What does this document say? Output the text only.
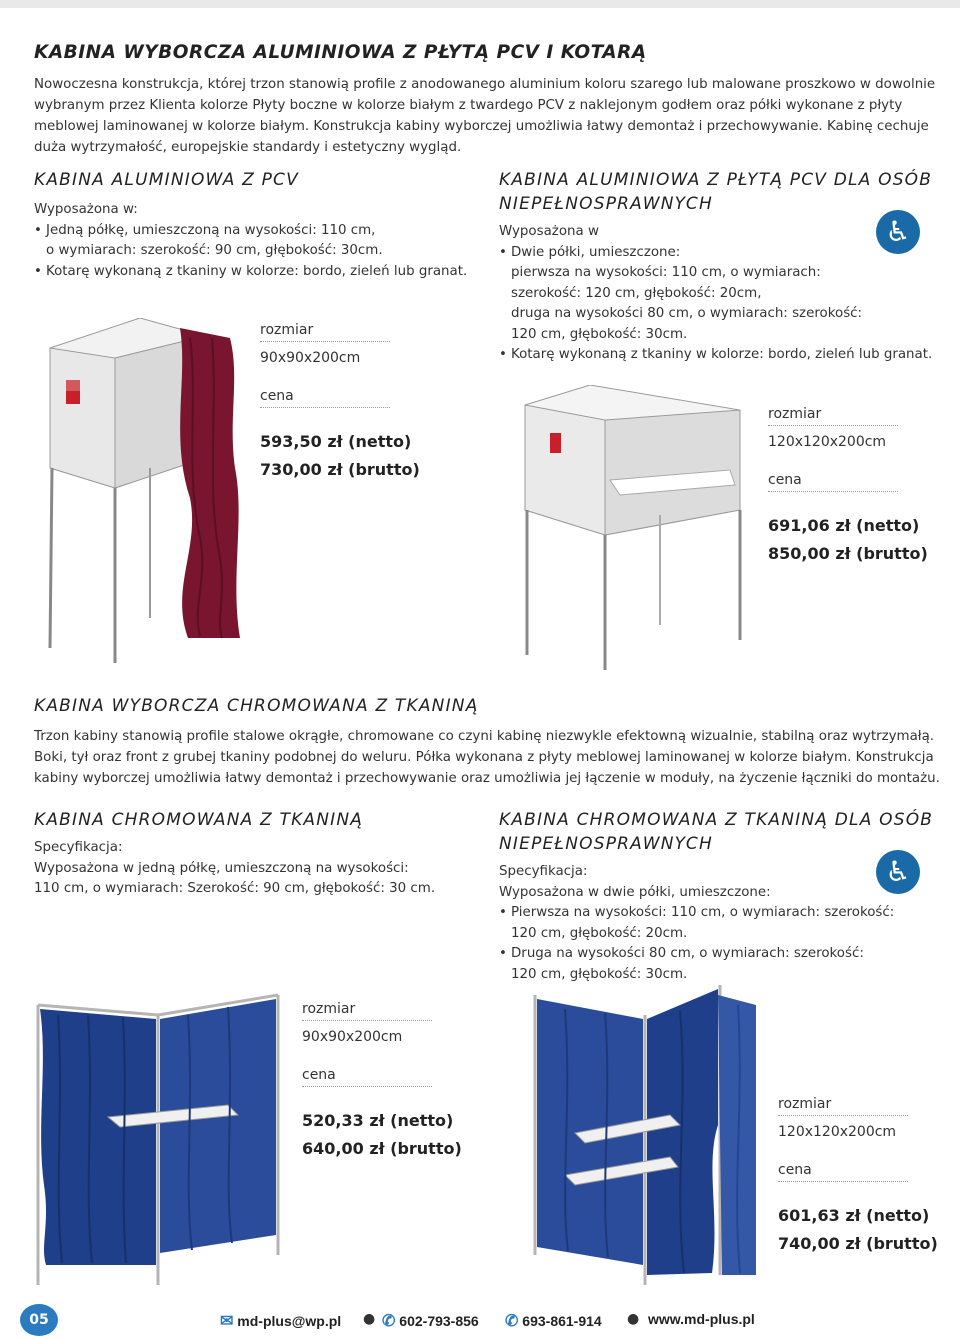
KABINA WYBORCZA ALUMINIOWA Z PŁYTĄ PCV I KOTARĄ
Nowoczesna konstrukcja, której trzon stanowią profile z anodowanego aluminium koloru szarego lub malowane proszkowo w dowolnie
wybranym przez Klienta kolorze Płyty boczne w kolorze białym z twardego PCV z naklejonym godłem oraz półki wykonane z płyty
meblowej laminowanej w kolorze białym. Konstrukcja kabiny wyborczej umożliwia łatwy demontaż i przechowywanie. Kabinę cechuje
duża wytrzymałość, europejskie standardy i estetyczny wygląd.
KABINA ALUMINIOWA Z PCV
Wyposażona w:
• Jedną półkę, umieszczoną na wysokości: 110 cm,
o wymiarach: szerokość: 90 cm, głębokość: 30cm.
• Kotarę wykonaną z tkaniny w kolorze: bordo, zieleń lub granat.
rozmiar
90x90x200cm
cena
593,50 zł (netto)
730,00 zł (brutto)
KABINA ALUMINIOWA Z PŁYTĄ PCV DLA OSÓB
NIEPEŁNOSPRAWNYCH
♿
Wyposażona w
• Dwie półki, umieszczone:
pierwsza na wysokości: 110 cm, o wymiarach:
szerokość: 120 cm, głębokość: 20cm,
druga na wysokości 80 cm, o wymiarach: szerokość:
120 cm, głębokość: 30cm.
• Kotarę wykonaną z tkaniny w kolorze: bordo, zieleń lub granat.
rozmiar
120x120x200cm
cena
691,06 zł (netto)
850,00 zł (brutto)
KABINA WYBORCZA CHROMOWANA Z TKANINĄ
Trzon kabiny stanowią profile stalowe okrągłe, chromowane co czyni kabinę niezwykle efektowną wizualnie, stabilną oraz wytrzymałą.
Boki, tył oraz front z grubej tkaniny podobnej do weluru. Półka wykonana z płyty meblowej laminowanej w kolorze białym. Konstrukcja
kabiny wyborczej umożliwia łatwy demontaż i przechowywanie oraz umożliwia jej łączenie w moduły, na życzenie łączniki do montażu.
KABINA CHROMOWANA Z TKANINĄ
Specyfikacja:
Wyposażona w jedną półkę, umieszczoną na wysokości:
110 cm, o wymiarach: Szerokość: 90 cm, głębokość: 30 cm.
rozmiar
90x90x200cm
cena
520,33 zł (netto)
640,00 zł (brutto)
KABINA CHROMOWANA Z TKANINĄ DLA OSÓB
NIEPEŁNOSPRAWNYCH
♿
Specyfikacja:
Wyposażona w dwie półki, umieszczone:
• Pierwsza na wysokości: 110 cm, o wymiarach: szerokość:
120 cm, głębokość: 20cm.
• Druga na wysokości 80 cm, o wymiarach: szerokość:
120 cm, głębokość: 30cm.
rozmiar
120x120x200cm
cena
601,63 zł (netto)
740,00 zł (brutto)
05	✉ md-plus@wp.pl ● ✆ 602-793-856 ✆ 693-861-914 ● www.md-plus.pl
